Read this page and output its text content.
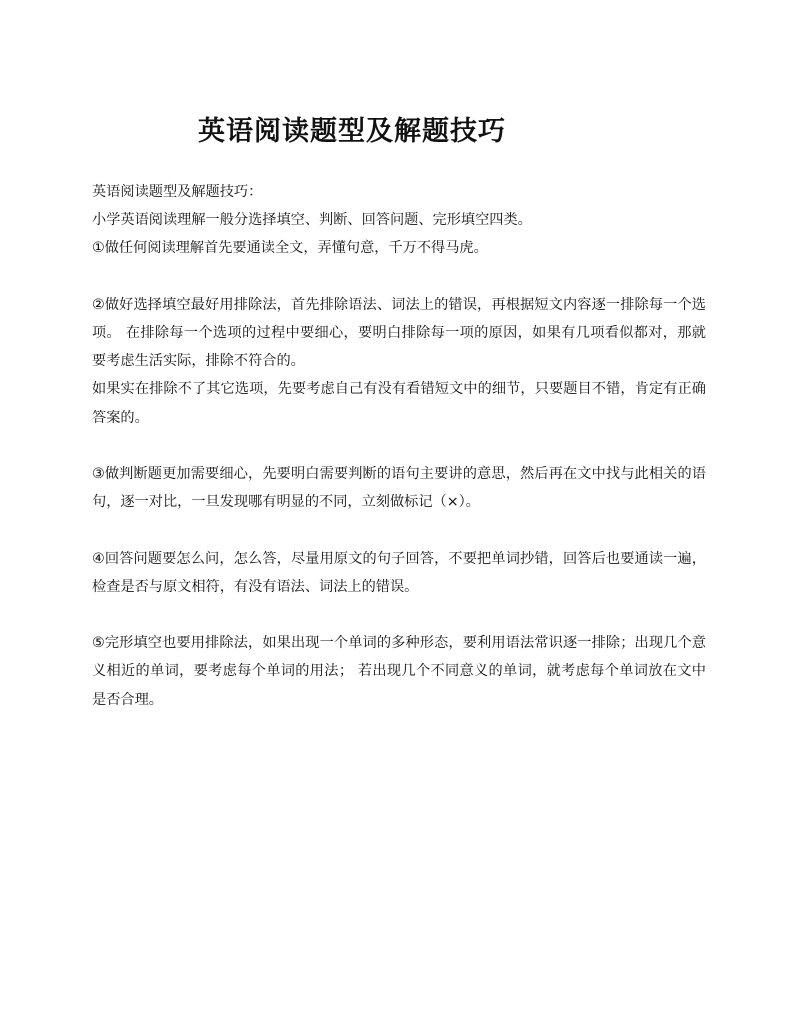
英语阅读题型及解题技巧

英语阅读题型及解题技巧：

小学英语阅读理解一般分选择填空、判断、回答问题、完形填空四类。

①做任何阅读理解首先要通读全文，弄懂句意，千万不得马虎。

②做好选择填空最好用排除法，首先排除语法、词法上的错误，再根据短文内容逐一排除每一个选项。 在排除每一个选项的过程中要细心，要明白排除每一项的原因，如果有几项看似都对，那就要考虑生活实际，排除不符合的。

如果实在排除不了其它选项，先要考虑自己有没有看错短文中的细节，只要题目不错，肯定有正确答案的。

③做判断题更加需要细心，先要明白需要判断的语句主要讲的意思，然后再在文中找与此相关的语句，逐一对比，一旦发现哪有明显的不同，立刻做标记（×）。

④回答问题要怎么问，怎么答，尽量用原文的句子回答，不要把单词抄错，回答后也要通读一遍，检查是否与原文相符，有没有语法、词法上的错误。

⑤完形填空也要用排除法，如果出现一个单词的多种形态，要利用语法常识逐一排除；出现几个意义相近的单词，要考虑每个单词的用法； 若出现几个不同意义的单词，就考虑每个单词放在文中是否合理。
